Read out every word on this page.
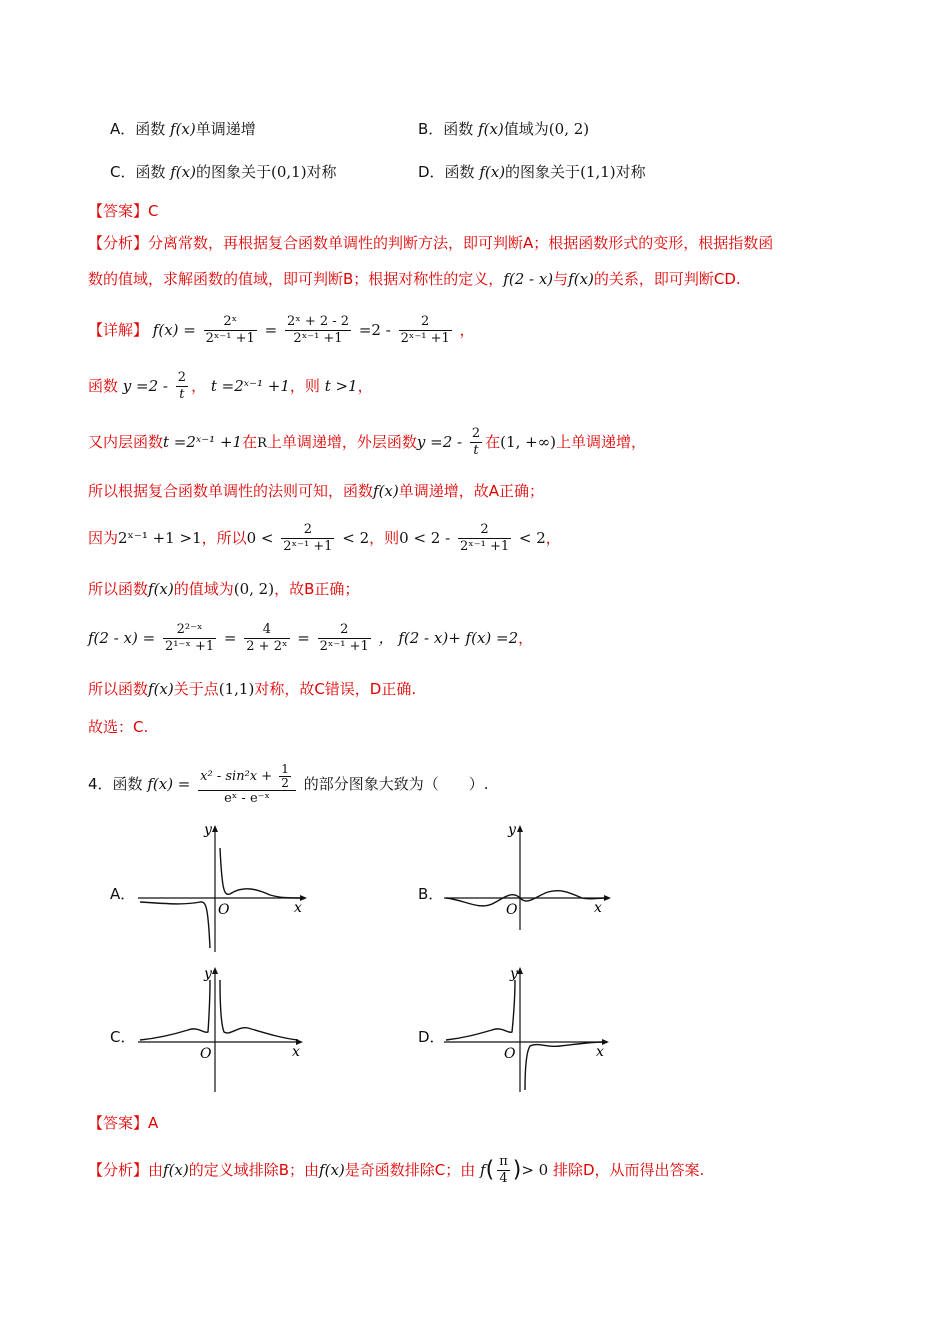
A．函数 f(x)单调递增	B．函数 f(x)值域为(0, 2)
C．函数 f(x)的图象关于(0,1)对称	D．函数 f(x)的图象关于(1,1)对称
【答案】C
【分析】分离常数，再根据复合函数单调性的判断方法，即可判断A；根据函数形式的变形，根据指数函
数的值域，求解函数的值域，即可判断B；根据对称性的定义，f(2 - x)与f(x)的关系，即可判断CD.
【详解】 $f(x) = \frac{\text{2ˣ}}{\text{2ˣ⁻¹ +1}} = \frac{\text{2ˣ + 2 - 2}}{\text{2ˣ⁻¹ +1}} =2 - \frac{2}{\text{2ˣ⁻¹ +1}}$ ，
函数 $y =2 - \frac{2}{t}$ ， t =2ˣ⁻¹ +1，则 t >1，
又内层函数t =2ˣ⁻¹ +1在R上单调递增，外层函数$y =2 - \frac{2}{t}$ 在(1, +∞)上单调递增，
所以根据复合函数单调性的法则可知，函数f(x)单调递增，故A正确；
因为2ˣ⁻¹ +1 >1，所以$0 < \frac{2}{\text{2ˣ⁻¹ +1}} < 2$，则$0 < 2 - \frac{2}{\text{2ˣ⁻¹ +1}} < 2$，
所以函数f(x)的值域为(0, 2)，故B正确；
$f(2 - x) = \frac{\text{2²⁻ˣ}}{\text{2¹⁻ˣ +1}} = \frac{4}{\text{2 + 2ˣ}} = \frac{2}{\text{2ˣ⁻¹ +1}}$ ， f(2 - x)+ f(x) =2，
所以函数f(x)关于点(1,1)对称，故C错误，D正确.
故选：C.
4．函数 $f(x) = \frac{x^2 - \sin^2x + \frac{1}{2}}{\text{eˣ - e⁻ˣ}}$ 的部分图象大致为（　　）.
A．	B．
C．	D．
y
O	x
y
O	x
y
O	x
y
O	x
【答案】A
【分析】由f(x)的定义域排除B；由f(x)是奇函数排除C；由 $f( \frac{\pi}{4}$ )> 0 排除D，从而得出答案.
